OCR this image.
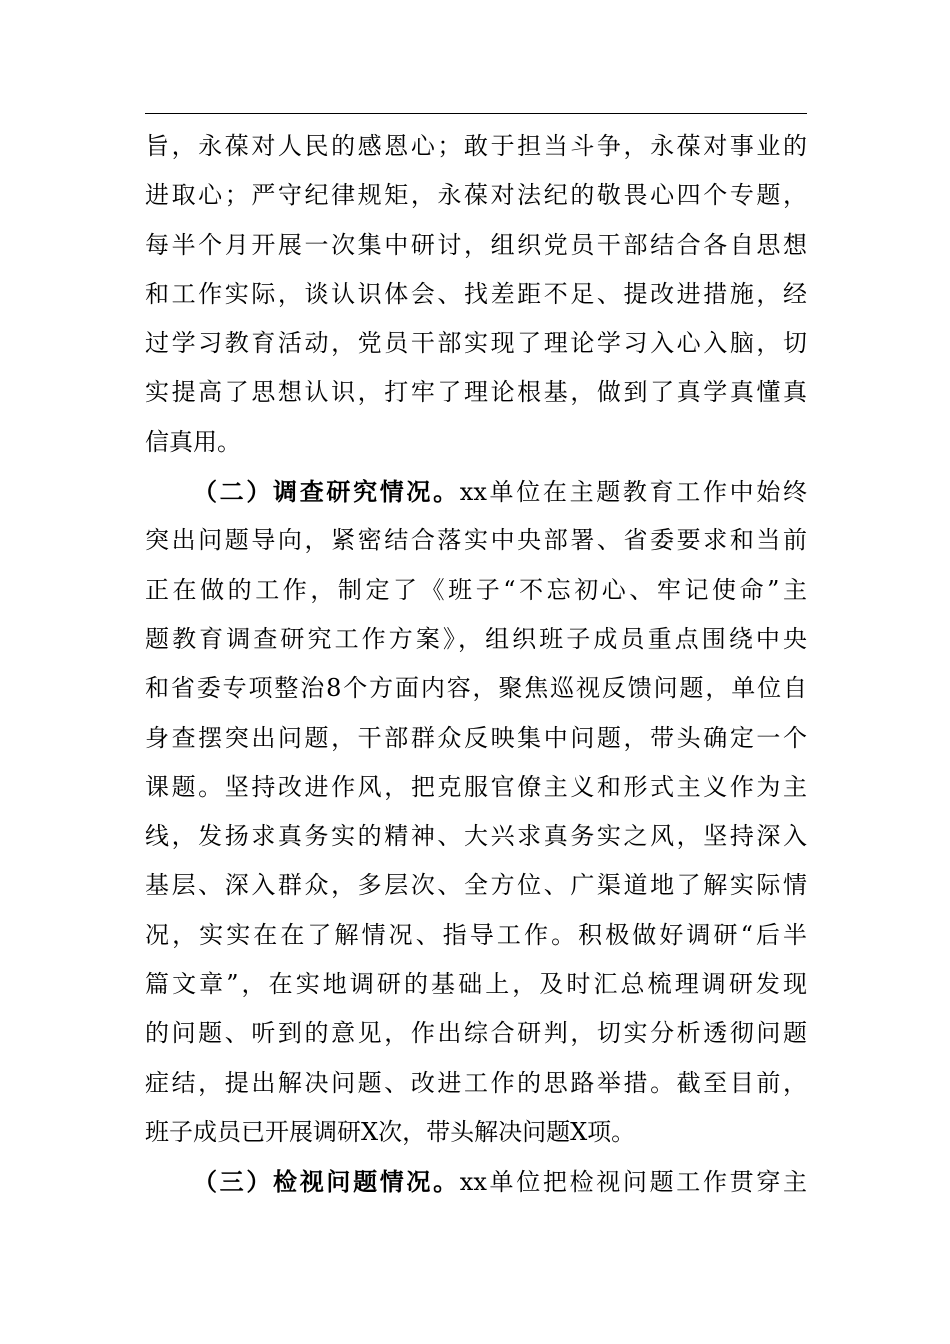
旨，永葆对人民的感恩心；敢于担当斗争，永葆对事业的
进取心；严守纪律规矩，永葆对法纪的敬畏心四个专题，
每半个月开展一次集中研讨，组织党员干部结合各自思想
和工作实际，谈认识体会、找差距不足、提改进措施，经
过学习教育活动，党员干部实现了理论学习入心入脑，切
实提高了思想认识，打牢了理论根基，做到了真学真懂真
信真用。
（二）调查研究情况。xx单位在主题教育工作中始终
突出问题导向，紧密结合落实中央部署、省委要求和当前
正在做的工作，制定了《班子“不忘初心、牢记使命”主
题教育调查研究工作方案》，组织班子成员重点围绕中央
和省委专项整治8个方面内容，聚焦巡视反馈问题，单位自
身查摆突出问题，干部群众反映集中问题，带头确定一个
课题。坚持改进作风，把克服官僚主义和形式主义作为主
线，发扬求真务实的精神、大兴求真务实之风，坚持深入
基层、深入群众，多层次、全方位、广渠道地了解实际情
况，实实在在了解情况、指导工作。积极做好调研“后半
篇文章”，在实地调研的基础上，及时汇总梳理调研发现
的问题、听到的意见，作出综合研判，切实分析透彻问题
症结，提出解决问题、改进工作的思路举措。截至目前，
班子成员已开展调研X次，带头解决问题X项。
（三）检视问题情况。xx单位把检视问题工作贯穿主
